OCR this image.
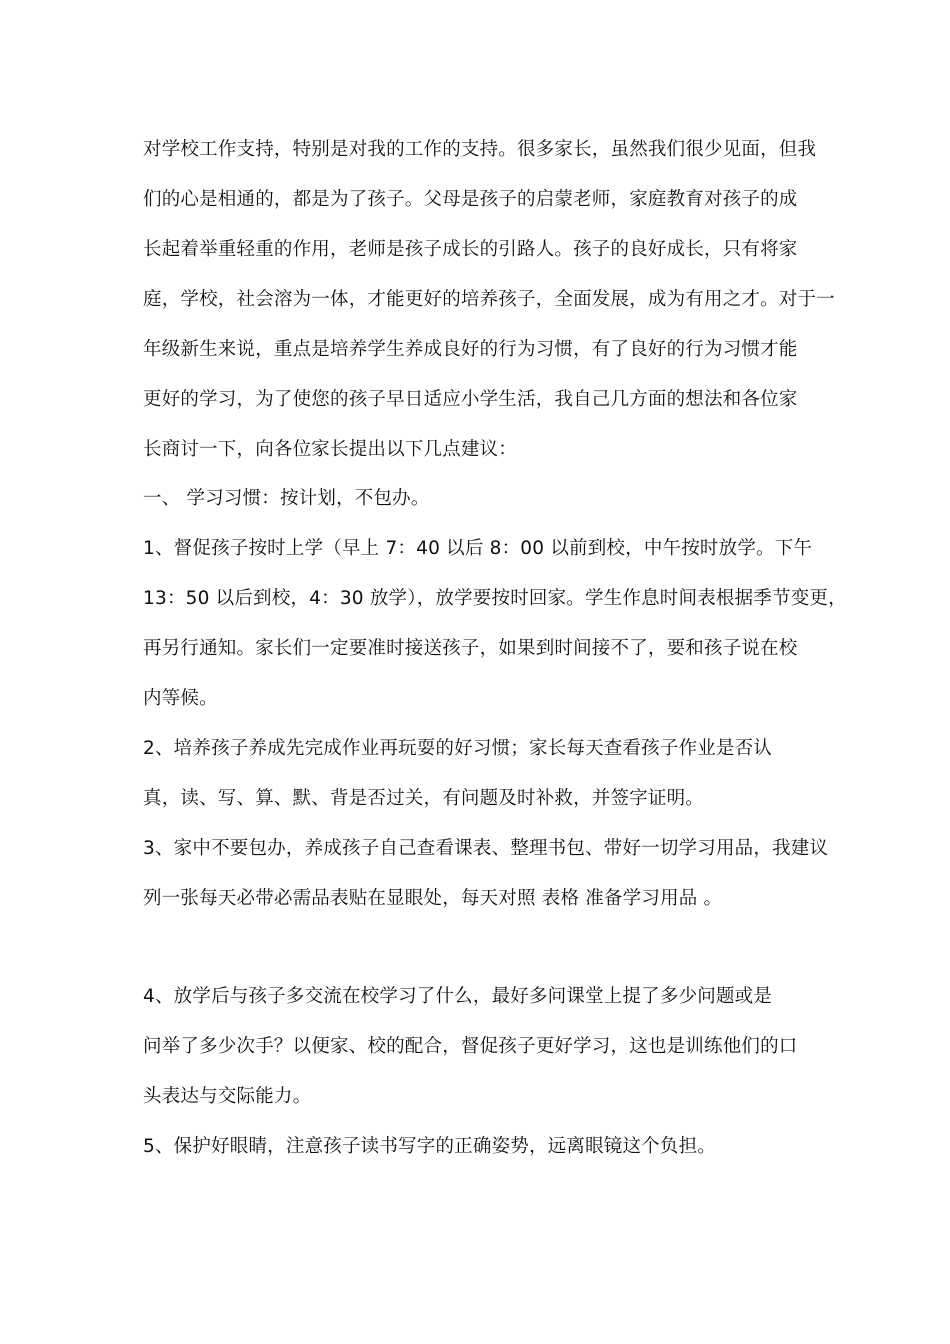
对学校工作支持，特别是对我的工作的支持。很多家长，虽然我们很少见面，但我
们的心是相通的，都是为了孩子。父母是孩子的启蒙老师，家庭教育对孩子的成
长起着举重轻重的作用，老师是孩子成长的引路人。孩子的良好成长，只有将家
庭，学校，社会溶为一体，才能更好的培养孩子，全面发展，成为有用之才。对于一
年级新生来说，重点是培养学生养成良好的行为习惯，有了良好的行为习惯才能
更好的学习，为了使您的孩子早日适应小学生活，我自己几方面的想法和各位家
长商讨一下，向各位家长提出以下几点建议：
一、 学习习惯：按计划，不包办。
1、督促孩子按时上学（早上 7：40 以后 8：00 以前到校，中午按时放学。下午
13：50 以后到校，4：30 放学），放学要按时回家。学生作息时间表根据季节变更，
再另行通知。家长们一定要准时接送孩子，如果到时间接不了，要和孩子说在校
内等候。
2、培养孩子养成先完成作业再玩耍的好习惯；家长每天查看孩子作业是否认
真，读、写、算、默、背是否过关，有问题及时补救，并签字证明。
3、家中不要包办，养成孩子自己查看课表、整理书包、带好一切学习用品，我建议
列一张每天必带必需品表贴在显眼处，每天对照 表格 准备学习用品 。
4、放学后与孩子多交流在校学习了什么，最好多问课堂上提了多少问题或是
问举了多少次手？以便家、校的配合，督促孩子更好学习，这也是训练他们的口
头表达与交际能力。
5、保护好眼睛，注意孩子读书写字的正确姿势，远离眼镜这个负担。
